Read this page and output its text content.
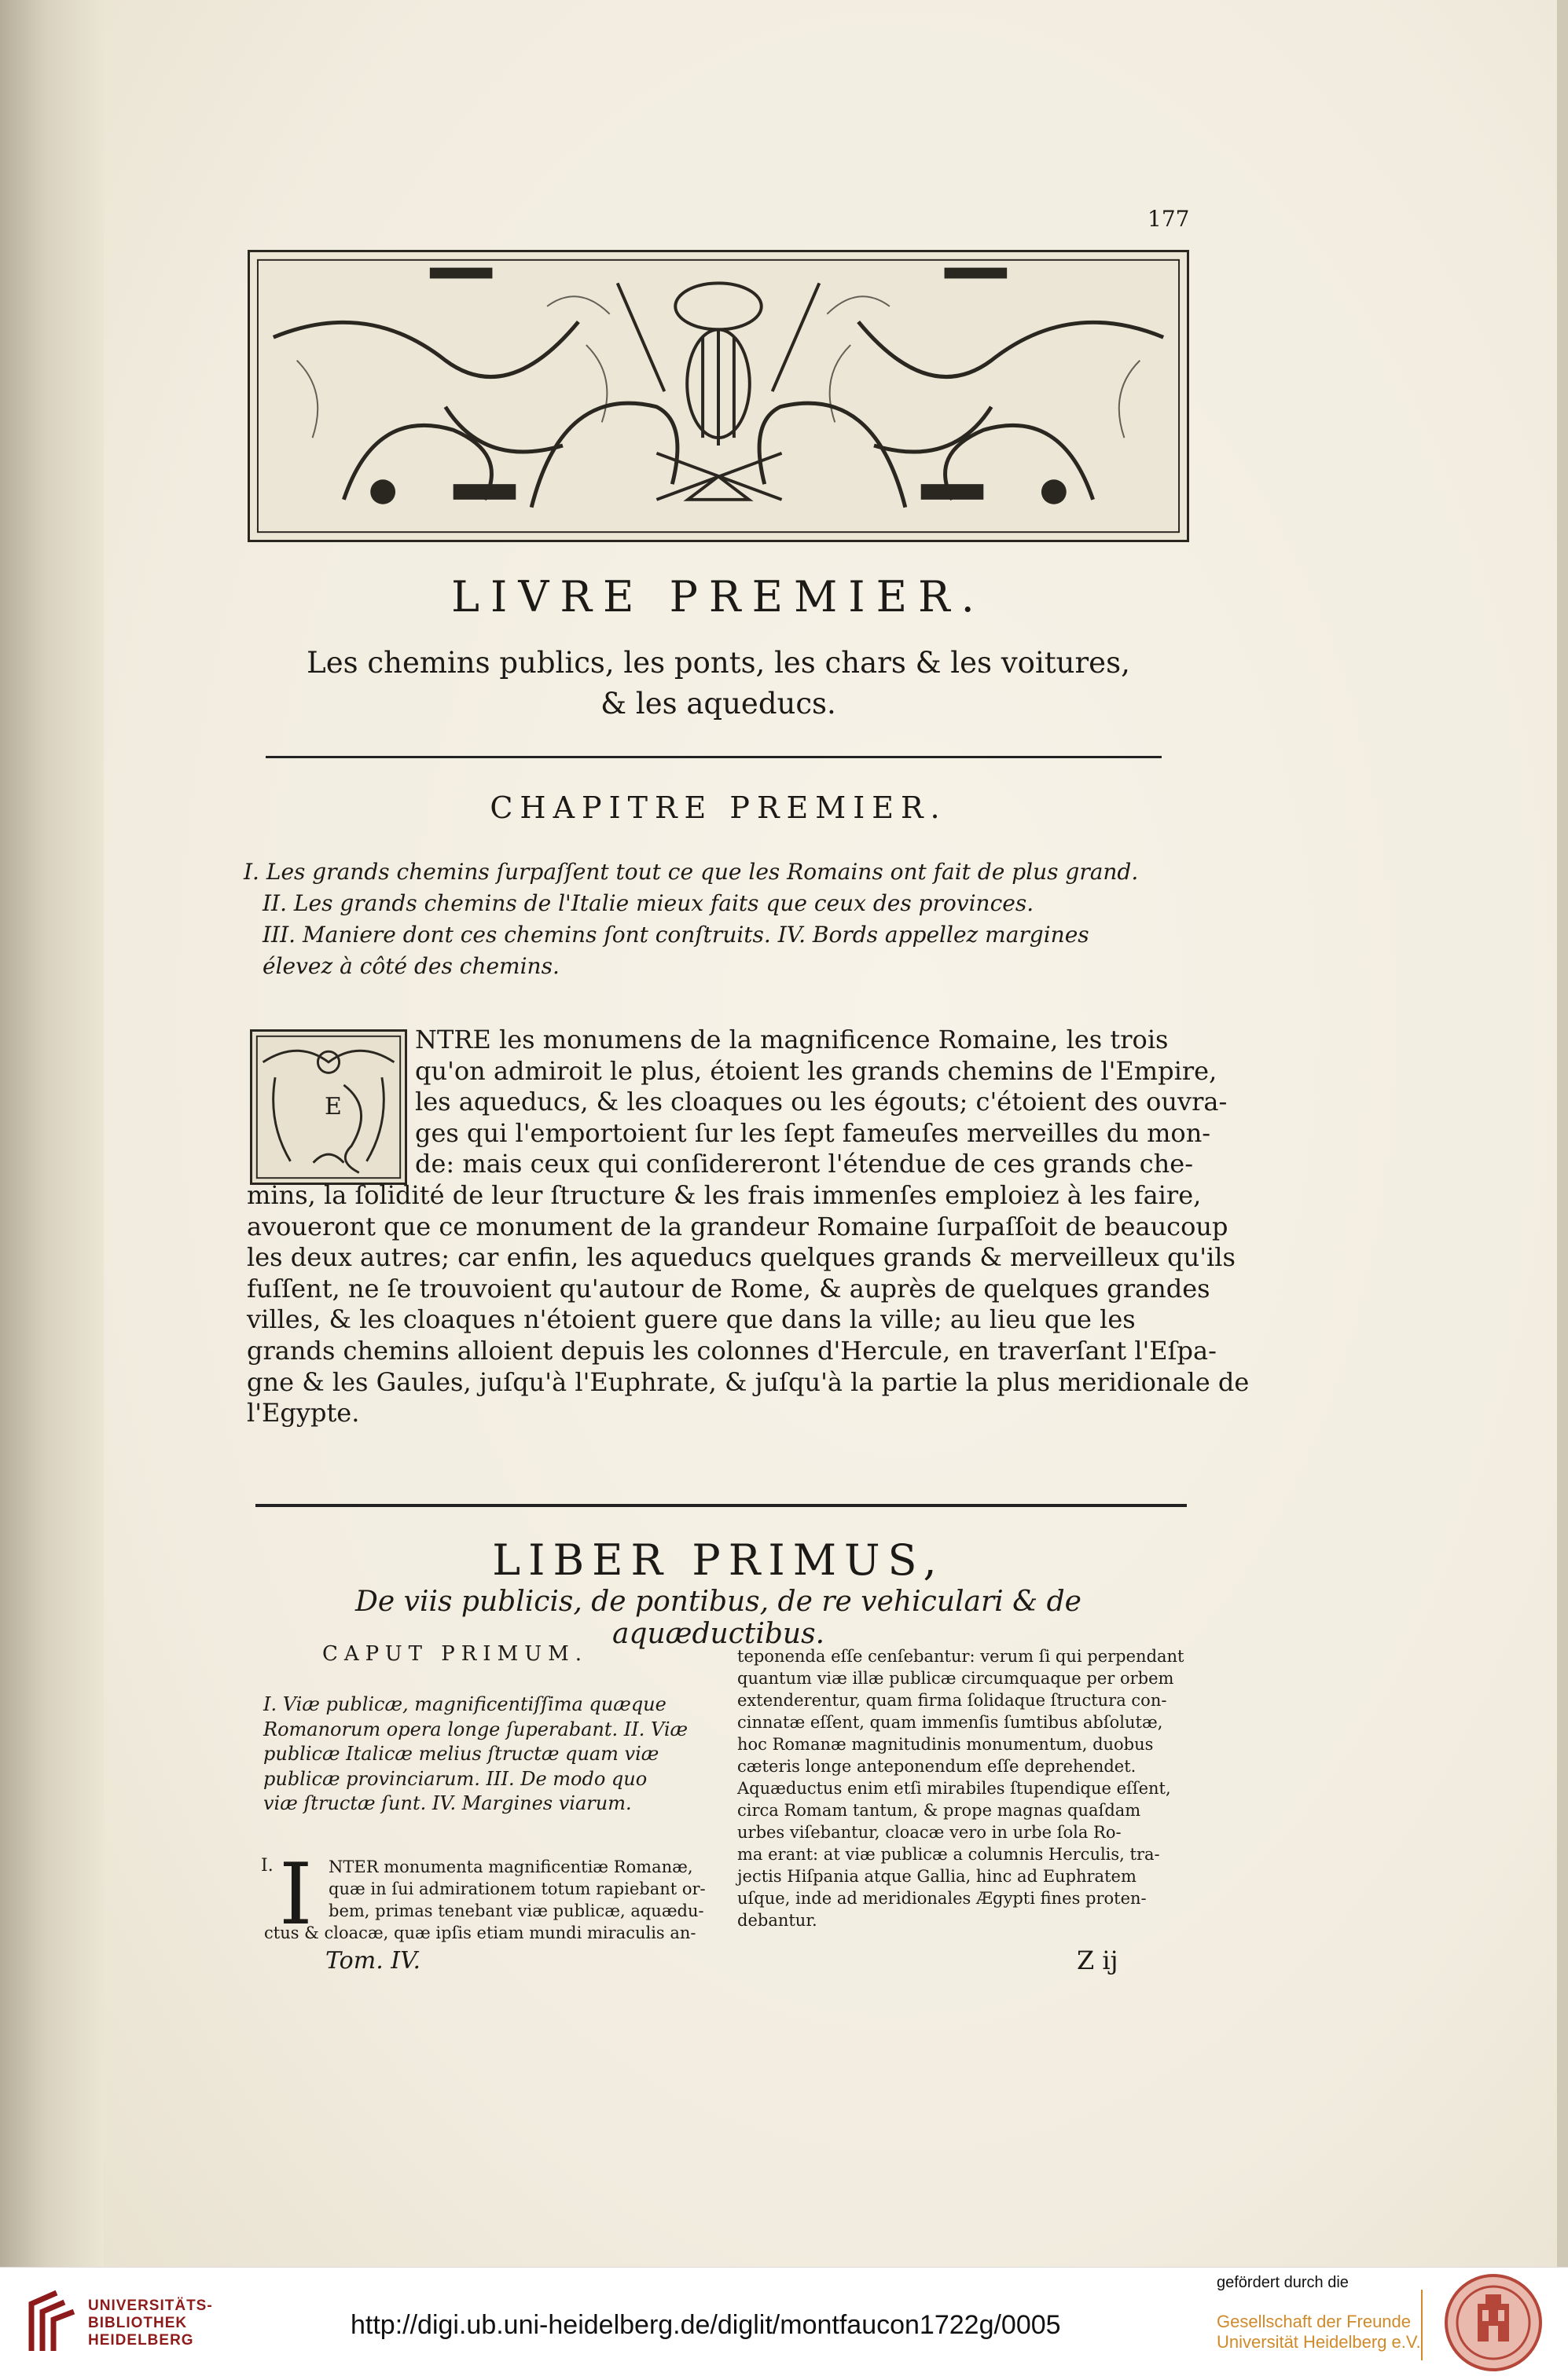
177
LIVRE PREMIER.
Les chemins publics, les ponts, les chars & les voitures,
& les aqueducs.
CHAPITRE PREMIER.
I. Les grands chemins ſurpaſſent tout ce que les Romains ont fait de plus grand.
II. Les grands chemins de l'Italie mieux faits que ceux des provinces.
III. Maniere dont ces chemins ſont conſtruits. IV. Bords appellez margines
élevez à côté des chemins.
E
NTRE les monumens de la magnificence Romaine, les trois
qu'on admiroit le plus, étoient les grands chemins de l'Empire,
les aqueducs, & les cloaques ou les égouts; c'étoient des ouvra-
ges qui l'emportoient ſur les ſept fameuſes merveilles du mon-
de: mais ceux qui conſidereront l'étendue de ces grands che-
mins, la ſolidité de leur ſtructure & les frais immenſes emploiez à les faire,
avoueront que ce monument de la grandeur Romaine ſurpaſſoit de beaucoup
les deux autres; car enfin, les aqueducs quelques grands & merveilleux qu'ils
fuſſent, ne ſe trouvoient qu'autour de Rome, & auprès de quelques grandes
villes, & les cloaques n'étoient guere que dans la ville; au lieu que les
grands chemins alloient depuis les colonnes d'Hercule, en traverſant l'Eſpa-
gne & les Gaules, juſqu'à l'Euphrate, & juſqu'à la partie la plus meridionale de
l'Egypte.
LIBER PRIMUS,
De viis publicis, de pontibus, de re vehiculari & de aquæductibus.
CAPUT PRIMUM.
I. Viæ publicæ, magnificentiſſima quæque
Romanorum opera longe ſuperabant. II. Viæ
publicæ Italicæ melius ſtructæ quam viæ
publicæ provinciarum. III. De modo quo
viæ ſtructæ ſunt. IV. Margines viarum.
I. I NTER monumenta magnificentiæ Romanæ,
quæ in ſui admirationem totum rapiebant or-
bem, primas tenebant viæ publicæ, aquædu-
ctus & cloacæ, quæ ipſis etiam mundi miraculis an-
teponenda eſſe cenſebantur: verum ſi qui perpendant
quantum viæ illæ publicæ circumquaque per orbem
extenderentur, quam firma ſolidaque ſtructura con-
cinnatæ eſſent, quam immenſis ſumtibus abſolutæ,
hoc Romanæ magnitudinis monumentum, duobus
cæteris longe anteponendum eſſe deprehendet.
Aquæductus enim etſi mirabiles ſtupendique eſſent,
circa Romam tantum, & prope magnas quaſdam
urbes viſebantur, cloacæ vero in urbe ſola Ro-
ma erant: at viæ publicæ a columnis Herculis, tra-
jectis Hiſpania atque Gallia, hinc ad Euphratem
uſque, inde ad meridionales Ægypti fines proten-
debantur.
Tom. IV.	Z ij
UNIVERSITÄTS-
BIBLIOTHEK
HEIDELBERG
http://digi.ub.uni-heidelberg.de/diglit/montfaucon1722g/0005
gefördert durch die
Gesellschaft der Freunde
Universität Heidelberg e.V.
